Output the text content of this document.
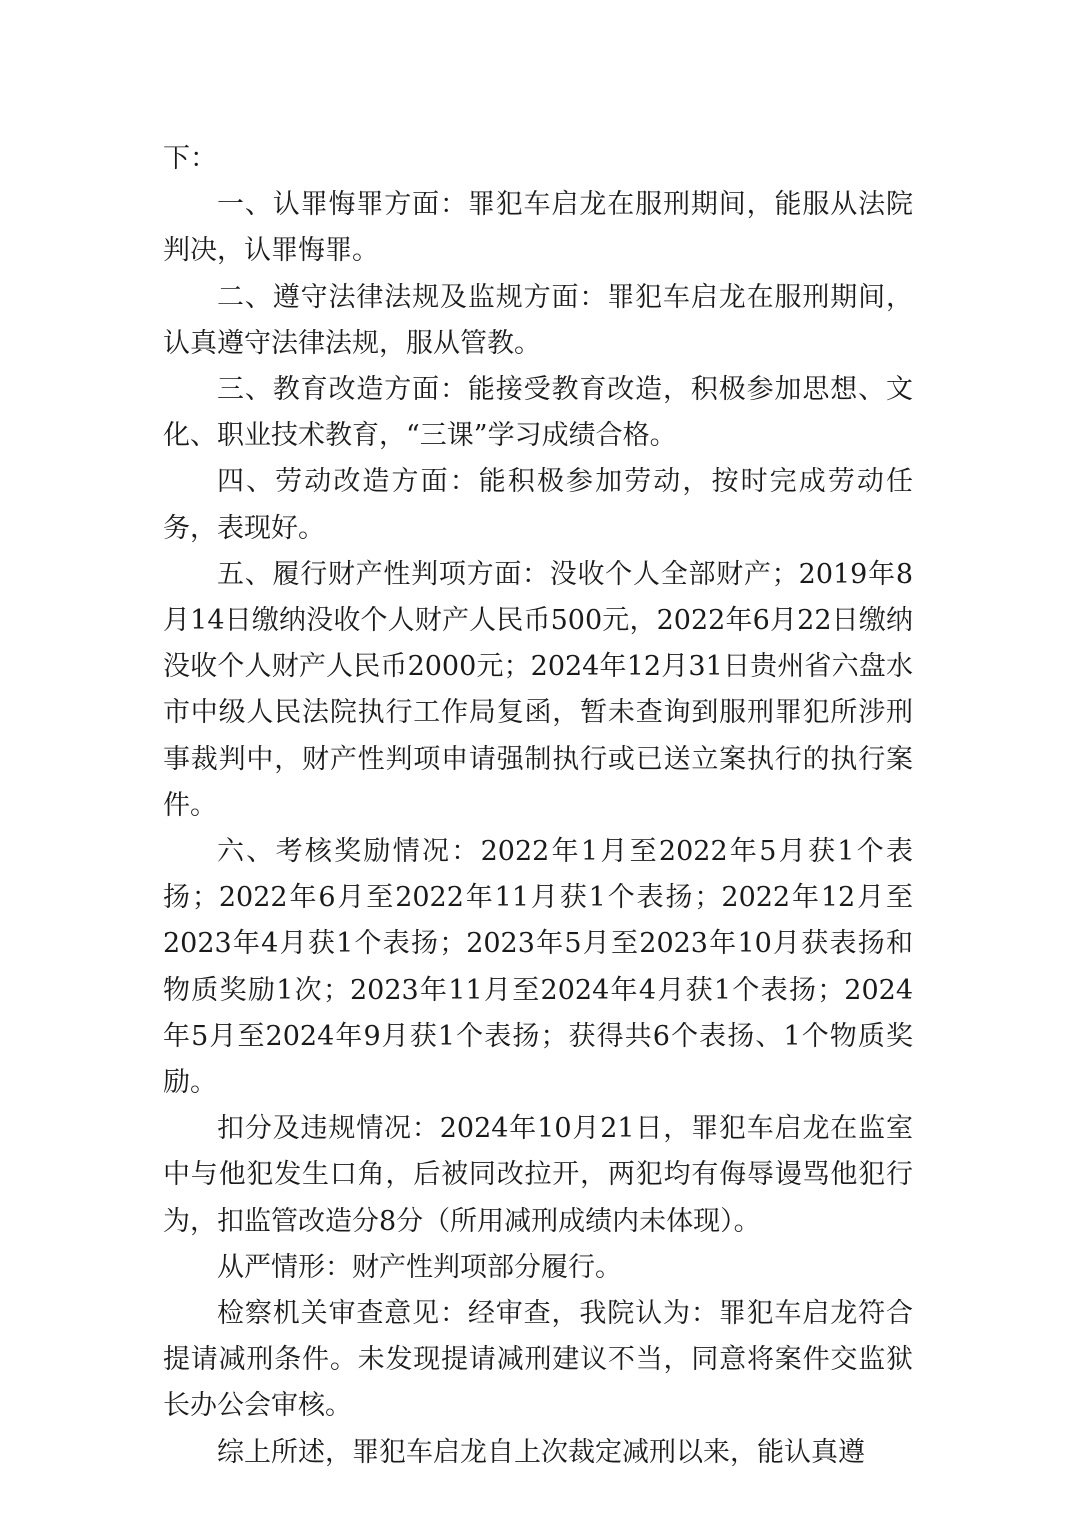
下：

一、认罪悔罪方面：罪犯车启龙在服刑期间，能服从法院判决，认罪悔罪。

二、遵守法律法规及监规方面：罪犯车启龙在服刑期间，认真遵守法律法规，服从管教。

三、教育改造方面：能接受教育改造，积极参加思想、文化、职业技术教育，“三课”学习成绩合格。

四、劳动改造方面：能积极参加劳动，按时完成劳动任务，表现好。

五、履行财产性判项方面：没收个人全部财产；2019年8月14日缴纳没收个人财产人民币500元，2022年6月22日缴纳没收个人财产人民币2000元；2024年12月31日贵州省六盘水市中级人民法院执行工作局复函，暂未查询到服刑罪犯所涉刑事裁判中，财产性判项申请强制执行或已送立案执行的执行案件。

六、考核奖励情况：2022年1月至2022年5月获1个表扬；2022年6月至2022年11月获1个表扬；2022年12月至2023年4月获1个表扬；2023年5月至2023年10月获表扬和物质奖励1次；2023年11月至2024年4月获1个表扬；2024年5月至2024年9月获1个表扬；获得共6个表扬、1个物质奖励。

扣分及违规情况：2024年10月21日，罪犯车启龙在监室中与他犯发生口角，后被同改拉开，两犯均有侮辱谩骂他犯行为，扣监管改造分8分（所用减刑成绩内未体现）。

从严情形：财产性判项部分履行。

检察机关审查意见：经审查，我院认为：罪犯车启龙符合提请减刑条件。未发现提请减刑建议不当，同意将案件交监狱长办公会审核。

综上所述，罪犯车启龙自上次裁定减刑以来，能认真遵
